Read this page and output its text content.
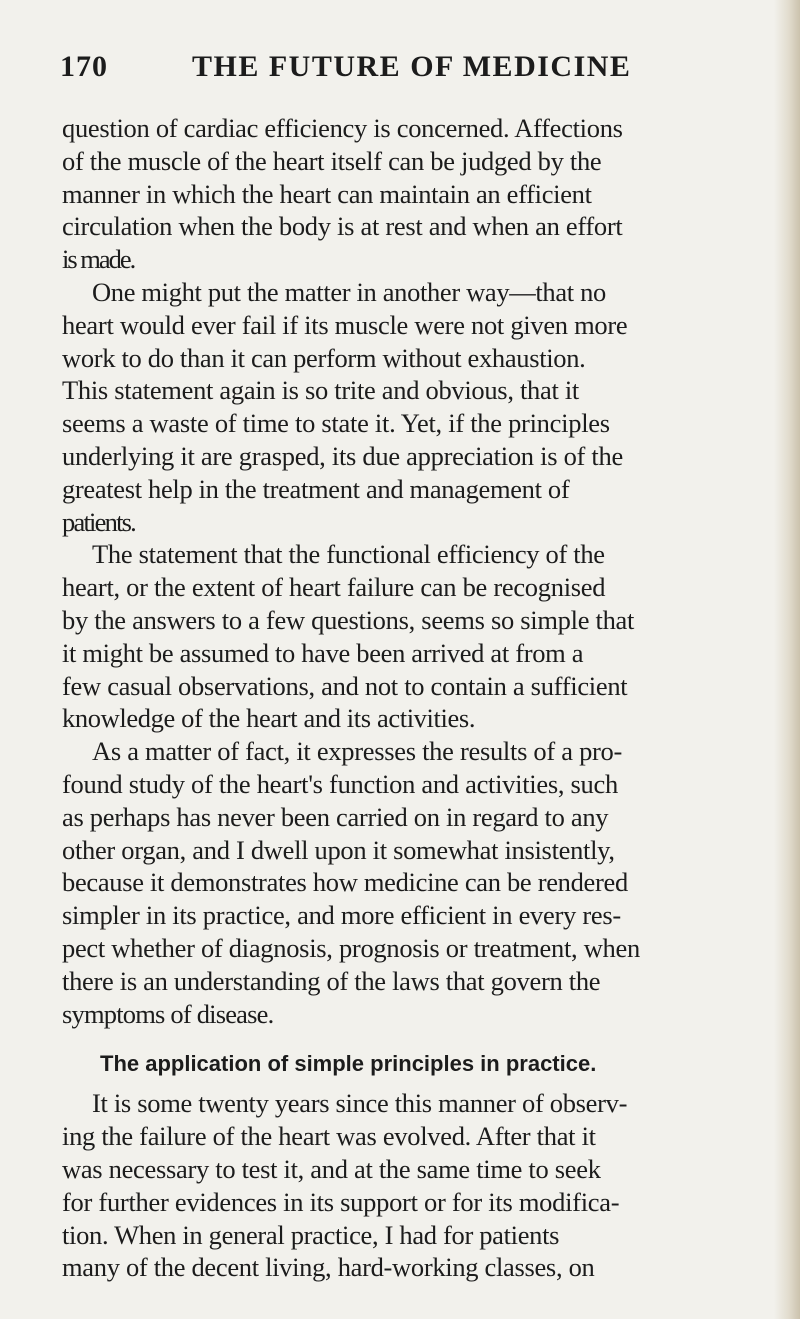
170	THE FUTURE OF MEDICINE
question of cardiac efficiency is concerned. Affections
of the muscle of the heart itself can be judged by the
manner in which the heart can maintain an efficient
circulation when the body is at rest and when an effort
is made.
One might put the matter in another way—that no
heart would ever fail if its muscle were not given more
work to do than it can perform without exhaustion.
This statement again is so trite and obvious, that it
seems a waste of time to state it. Yet, if the principles
underlying it are grasped, its due appreciation is of the
greatest help in the treatment and management of
patients.
The statement that the functional efficiency of the
heart, or the extent of heart failure can be recognised
by the answers to a few questions, seems so simple that
it might be assumed to have been arrived at from a
few casual observations, and not to contain a sufficient
knowledge of the heart and its activities.
As a matter of fact, it expresses the results of a pro-
found study of the heart's function and activities, such
as perhaps has never been carried on in regard to any
other organ, and I dwell upon it somewhat insistently,
because it demonstrates how medicine can be rendered
simpler in its practice, and more efficient in every res-
pect whether of diagnosis, prognosis or treatment, when
there is an understanding of the laws that govern the
symptoms of disease.
The application of simple principles in practice.
It is some twenty years since this manner of observ-
ing the failure of the heart was evolved. After that it
was necessary to test it, and at the same time to seek
for further evidences in its support or for its modifica-
tion. When in general practice, I had for patients
many of the decent living, hard-working classes, on
